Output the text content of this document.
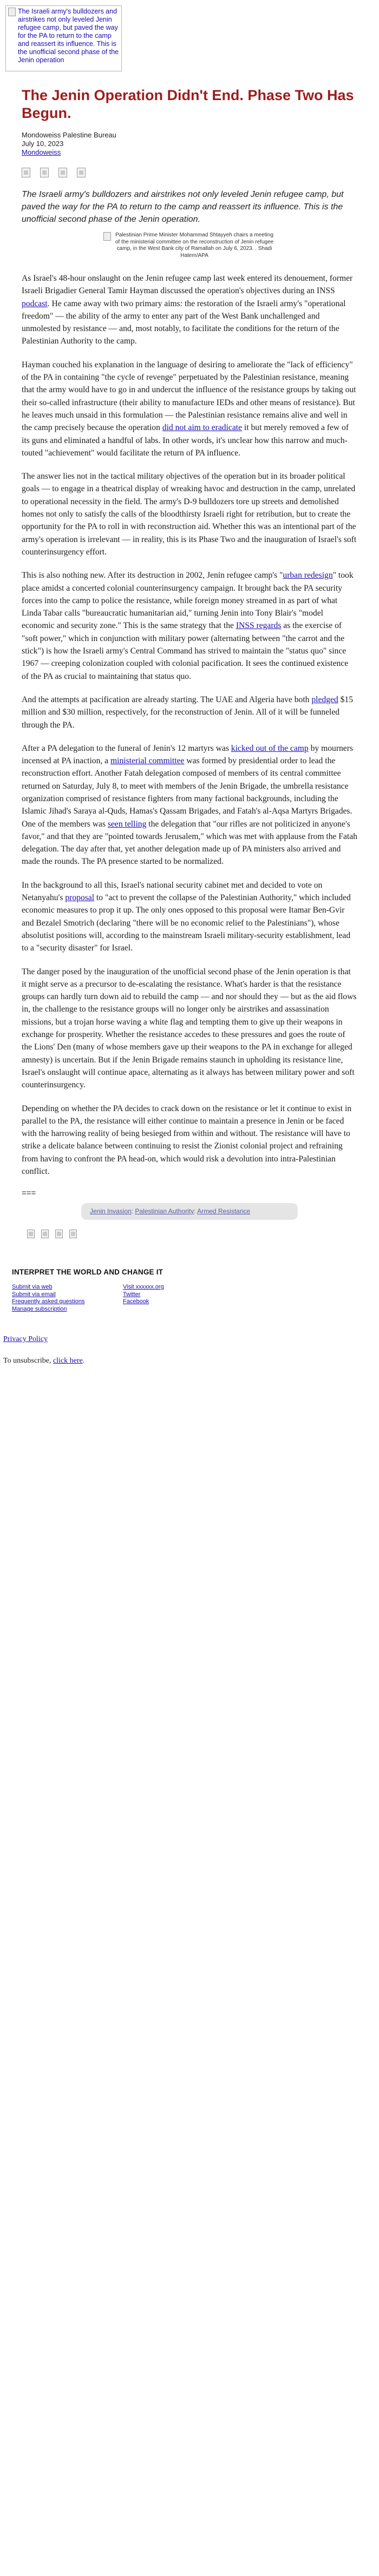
The Israeli army's bulldozers and airstrikes not only leveled Jenin refugee camp, but paved the way for the PA to return to the camp and reassert its influence. This is the unofficial second phase of the Jenin operation
The Jenin Operation Didn't End. Phase Two Has Begun.
Mondoweiss Palestine Bureau
July 10, 2023
Mondoweiss

The Israeli army's bulldozers and airstrikes not only leveled Jenin refugee camp, but paved the way for the PA to return to the camp and reassert its influence. This is the unofficial second phase of the Jenin operation.

Palestinian Prime Minister Mohammad Shtayyeh chairs a meeting of the ministerial committee on the reconstruction of Jenin refugee camp, in the West Bank city of Ramallah on July 6, 2023. . Shadi Hatem/APA

As Israel's 48-hour onslaught on the Jenin refugee camp last week entered its denouement, former Israeli Brigadier General Tamir Hayman discussed the operation's objectives during an INSS podcast. He came away with two primary aims: the restoration of the Israeli army's "operational freedom" — the ability of the army to enter any part of the West Bank unchallenged and unmolested by resistance — and, most notably, to facilitate the conditions for the return of the Palestinian Authority to the camp.

Hayman couched his explanation in the language of desiring to ameliorate the "lack of efficiency" of the PA in containing "the cycle of revenge" perpetuated by the Palestinian resistance, meaning that the army would have to go in and undercut the influence of the resistance groups by taking out their so-called infrastructure (their ability to manufacture IEDs and other means of resistance). But he leaves much unsaid in this formulation — the Palestinian resistance remains alive and well in the camp precisely because the operation did not aim to eradicate it but merely removed a few of its guns and eliminated a handful of labs. In other words, it's unclear how this narrow and much-touted "achievement" would facilitate the return of PA influence.

The answer lies not in the tactical military objectives of the operation but in its broader political goals — to engage in a theatrical display of wreaking havoc and destruction in the camp, unrelated to operational necessity in the field. The army's D-9 bulldozers tore up streets and demolished homes not only to satisfy the calls of the bloodthirsty Israeli right for retribution, but to create the opportunity for the PA to roll in with reconstruction aid. Whether this was an intentional part of the army's operation is irrelevant — in reality, this is its Phase Two and the inauguration of Israel's soft counterinsurgency effort.

This is also nothing new. After its destruction in 2002, Jenin refugee camp's "urban redesign" took place amidst a concerted colonial counterinsurgency campaign. It brought back the PA security forces into the camp to police the resistance, while foreign money streamed in as part of what Linda Tabar calls "bureaucratic humanitarian aid," turning Jenin into Tony Blair's "model economic and security zone." This is the same strategy that the INSS regards as the exercise of "soft power," which in conjunction with military power (alternating between "the carrot and the stick") is how the Israeli army's Central Command has strived to maintain the "status quo" since 1967 — creeping colonization coupled with colonial pacification. It sees the continued existence of the PA as crucial to maintaining that status quo.

And the attempts at pacification are already starting. The UAE and Algeria have both pledged $15 million and $30 million, respectively, for the reconstruction of Jenin. All of it will be funneled through the PA.

After a PA delegation to the funeral of Jenin's 12 martyrs was kicked out of the camp by mourners incensed at PA inaction, a ministerial committee was formed by presidential order to lead the reconstruction effort. Another Fatah delegation composed of members of its central committee returned on Saturday, July 8, to meet with members of the Jenin Brigade, the umbrella resistance organization comprised of resistance fighters from many factional backgrounds, including the Islamic Jihad's Saraya al-Quds, Hamas's Qassam Brigades, and Fatah's al-Aqsa Martyrs Brigades. One of the members was seen telling the delegation that "our rifles are not politicized in anyone's favor," and that they are "pointed towards Jerusalem," which was met with applause from the Fatah delegation. The day after that, yet another delegation made up of PA ministers also arrived and made the rounds. The PA presence started to be normalized.

In the background to all this, Israel's national security cabinet met and decided to vote on Netanyahu's proposal to "act to prevent the collapse of the Palestinian Authority," which included economic measures to prop it up. The only ones opposed to this proposal were Itamar Ben-Gvir and Bezalel Smotrich (declaring "there will be no economic relief to the Palestinians"), whose absolutist positions will, according to the mainstream Israeli military-security establishment, lead to a "security disaster" for Israel.

The danger posed by the inauguration of the unofficial second phase of the Jenin operation is that it might serve as a precursor to de-escalating the resistance. What's harder is that the resistance groups can hardly turn down aid to rebuild the camp — and nor should they — but as the aid flows in, the challenge to the resistance groups will no longer only be airstrikes and assassination missions, but a trojan horse waving a white flag and tempting them to give up their weapons in exchange for prosperity. Whether the resistance accedes to these pressures and goes the route of the Lions' Den (many of whose members gave up their weapons to the PA in exchange for alleged amnesty) is uncertain. But if the Jenin Brigade remains staunch in upholding its resistance line, Israel's onslaught will continue apace, alternating as it always has between military power and soft counterinsurgency.

Depending on whether the PA decides to crack down on the resistance or let it continue to exist in parallel to the PA, the resistance will either continue to maintain a presence in Jenin or be faced with the harrowing reality of being besieged from within and without. The resistance will have to strike a delicate balance between continuing to resist the Zionist colonial project and refraining from having to confront the PA head-on, which would risk a devolution into intra-Palestinian conflict.

===
Jenin Invasion: Palestinian Authority: Armed Resistance
INTERPRET THE WORLD AND CHANGE IT
Submit via web
Submit via email
Frequently asked questions
Manage subscription
Visit xxxxxx.org
Twitter
Facebook
Privacy Policy
To unsubscribe, click here.
